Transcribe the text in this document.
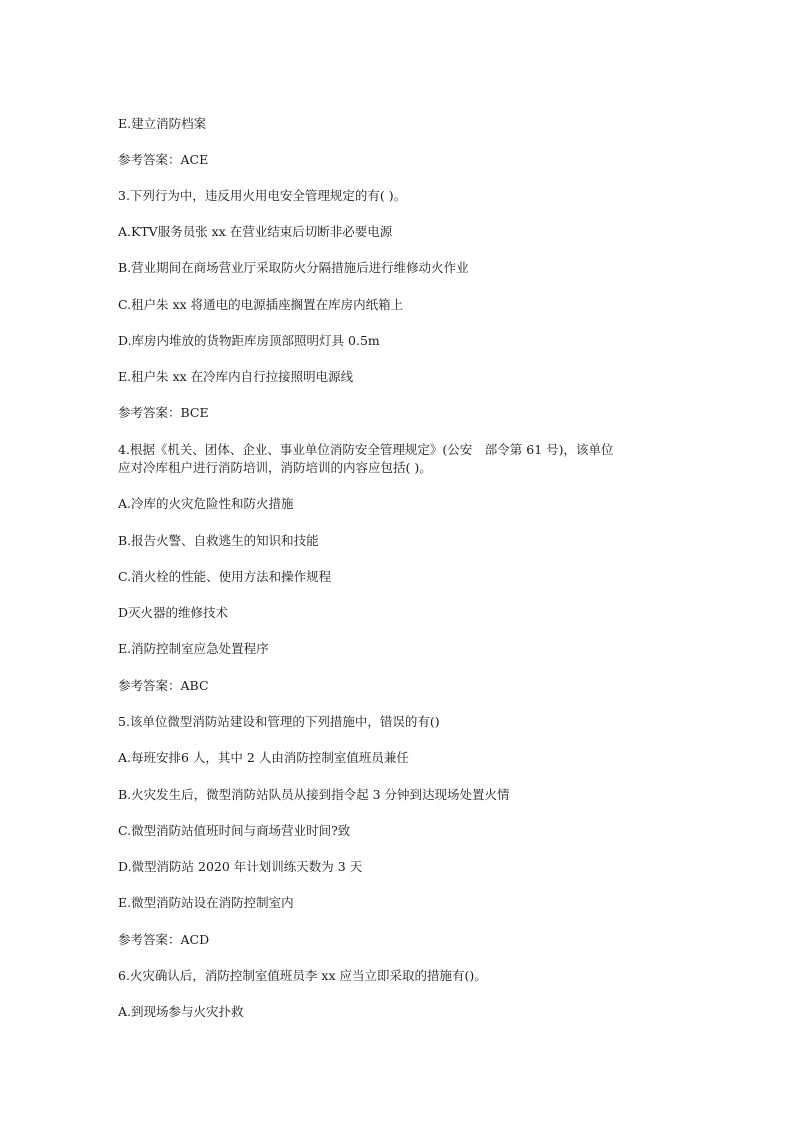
E.建立消防档案
参考答案：ACE
3.下列行为中，违反用火用电安全管理规定的有( )。
A.KTV服务员张 xx 在营业结束后切断非必要电源
B.营业期间在商场营业厅采取防火分隔措施后进行维修动火作业
C.租户朱 xx 将通电的电源插座搁置在库房内纸箱上
D.库房内堆放的货物距库房顶部照明灯具 0.5m
E.租户朱 xx 在冷库内自行拉接照明电源线
参考答案：BCE
4.根据《机关、团体、企业、事业单位消防安全管理规定》(公安　部令第 61 号)，该单位
应对冷库租户进行消防培训，消防培训的内容应包括( )。
A.冷库的火灾危险性和防火措施
B.报告火警、自救逃生的知识和技能
C.消火栓的性能、使用方法和操作规程
D灭火器的维修技术
E.消防控制室应急处置程序
参考答案：ABC
5.该单位微型消防站建设和管理的下列措施中，错误的有()
A.每班安排6 人，其中 2 人由消防控制室值班员兼任
B.火灾发生后，微型消防站队员从接到指令起 3 分钟到达现场处置火情
C.微型消防站值班时间与商场营业时间?致
D.微型消防站 2020 年计划训练天数为 3 天
E.微型消防站设在消防控制室内
参考答案：ACD
6.火灾确认后，消防控制室值班员李 xx 应当立即采取的措施有()。
A.到现场参与火灾扑救
